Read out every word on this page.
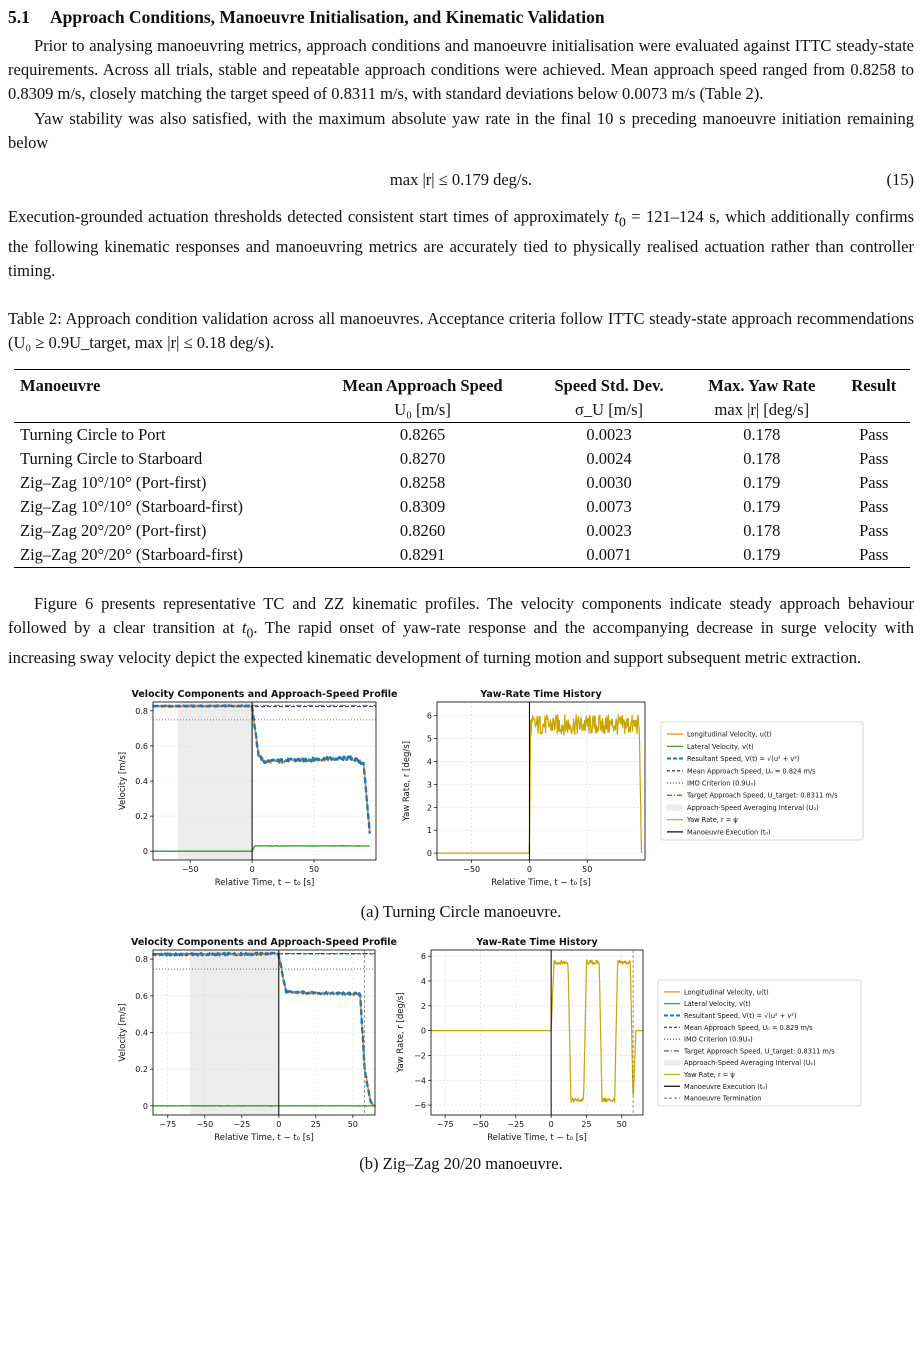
5.1 Approach Conditions, Manoeuvre Initialisation, and Kinematic Validation

Prior to analysing manoeuvring metrics, approach conditions and manoeuvre initialisation were evaluated against ITTC steady-state requirements. Across all trials, stable and repeatable approach conditions were achieved. Mean approach speed ranged from 0.8258 to 0.8309 m/s, closely matching the target speed of 0.8311 m/s, with standard deviations below 0.0073 m/s (Table 2).

Yaw stability was also satisfied, with the maximum absolute yaw rate in the final 10 s preceding manoeuvre initiation remaining below

max |r| ≤ 0.179 deg/s.	(15)

Execution-grounded actuation thresholds detected consistent start times of approximately $t_0 = 121-124$ s, which additionally confirms the following kinematic responses and manoeuvring metrics are accurately tied to physically realised actuation rather than controller timing.

Table 2: Approach condition validation across all manoeuvres. Acceptance criteria follow ITTC steady-state approach recommendations (U₀ ≥ 0.9U_target, max |r| ≤ 0.18 deg/s).
Manoeuvre	Mean Approach Speed	Speed Std. Dev.	Max. Yaw Rate	Result
	U₀ [m/s]	σ_U [m/s]	max |r| [deg/s]	
Turning Circle to Port	0.8265	0.0023	0.178	Pass
Turning Circle to Starboard	0.8270	0.0024	0.178	Pass
Zig–Zag 10°/10° (Port-first)	0.8258	0.0030	0.179	Pass
Zig–Zag 10°/10° (Starboard-first)	0.8309	0.0073	0.179	Pass
Zig–Zag 20°/20° (Port-first)	0.8260	0.0023	0.178	Pass
Zig–Zag 20°/20° (Starboard-first)	0.8291	0.0071	0.179	Pass

Figure 6 presents representative TC and ZZ kinematic profiles. The velocity components indicate steady approach behaviour followed by a clear transition at $t_0$. The rapid onset of yaw-rate response and the accompanying decrease in surge velocity with increasing sway velocity depict the expected kinematic development of turning motion and support subsequent metric extraction.

Velocity Components and Approach-Speed Profile
−50	0	50
0
0.2
0.4
0.6
0.8
Relative Time, t − t₀ [s]
Velocity [m/s]
Yaw-Rate Time History
−50	0	50
0
1
2
3
4
5
6
Relative Time, t − t₀ [s]
Yaw Rate, r [deg/s]
Longitudinal Velocity, u(t)
Lateral Velocity, v(t)
Resultant Speed, V(t) = √(u² + v²)
Mean Approach Speed, U₀ = 0.824 m/s
IMO Criterion (0.9U₀)
Target Approach Speed, U_target: 0.8311 m/s
Approach-Speed Averaging Interval (U₀)
Yaw Rate, r = ψ̇
Manoeuvre Execution (t₀)
(a) Turning Circle manoeuvre.
Velocity Components and Approach-Speed Profile
−75	−50	−25	0	25	50
0
0.2
0.4
0.6
0.8
Relative Time, t − t₀ [s]
Velocity [m/s]
Yaw-Rate Time History
−75 −50 −25	0	25	50
−6
−4
−2
0
2
4
6
Relative Time, t − t₀ [s]
Yaw Rate, r [deg/s]
Longitudinal Velocity, u(t)
Lateral Velocity, v(t)
Resultant Speed, V(t) = √(u² + v²)
Mean Approach Speed, U₀ = 0.829 m/s
IMO Criterion (0.9U₀)
Target Approach Speed, U_target: 0.8311 m/s
Approach-Speed Averaging Interval (U₀)
Yaw Rate, r = ψ̇
Manoeuvre Execution (t₀)
Manoeuvre Termination
(b) Zig–Zag 20/20 manoeuvre.
